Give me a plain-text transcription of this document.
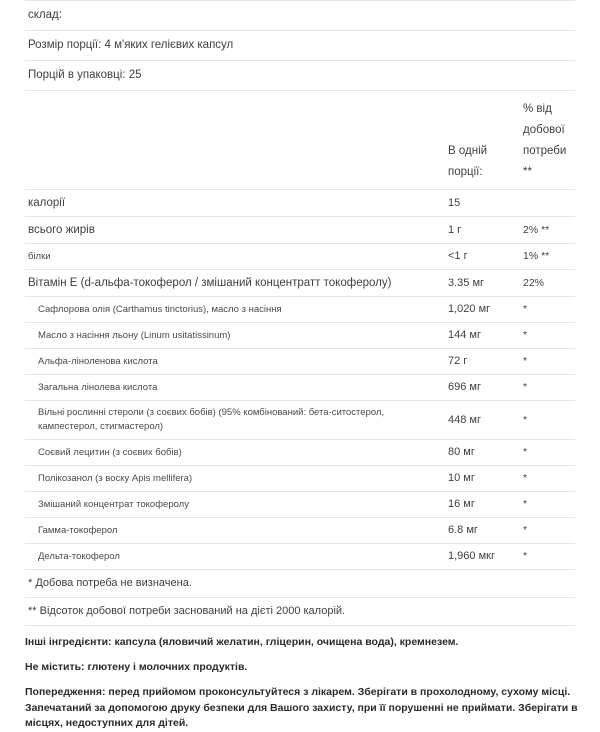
склад:
Розмір порції: 4 м'яких гелієвих капсул
Порцій в упаковці: 25

	В одній
порції:	% від
добової
потреби
**

калорії	15	
всього жирів	1 г	2% **
білки	<1 г	1% **
Вітамін Е (d-альфа-токоферол / змішаний концентратт токоферолу)	3.35 мг	22%
Сафлорова олія (Carthamus tinctorius), масло з насіння	1,020 мг	*
Масло з насіння льону (Linum usitatissinum)	144 мг	*
Альфа-ліноленова кислота	72 г	*
Загальна лінолева кислота	696 мг	*
Вільні рослинні стероли (з соєвих бобів) (95% комбінований: бета-ситостерол, кампестерол, стигмастерол)	448 мг	*
Соєвий лецитин (з соєвих бобів)	80 мг	*
Полікозанол (з воску Apis mellifera)	10 мг	*
Змішаний концентрат токоферолу	16 мг	*
Гамма-токоферол	6.8 мг	*
Дельта-токоферол	1,960 мкг	*
* Добова потреба не визначена.
** Відсоток добової потреби заснований на дієті 2000 калорій.

Інші інгредієнти: капсула (яловичий желатин, гліцерин, очищена вода), кремнезем.

Не містить: глютену і молочних продуктів.

Попередження: перед прийомом проконсультуйтеся з лікарем. Зберігати в прохолодному, сухому місці. Запечатаний за допомогою друку безпеки для Вашого захисту, при її порушенні не приймати. Зберігати в місцях, недоступних для дітей.
